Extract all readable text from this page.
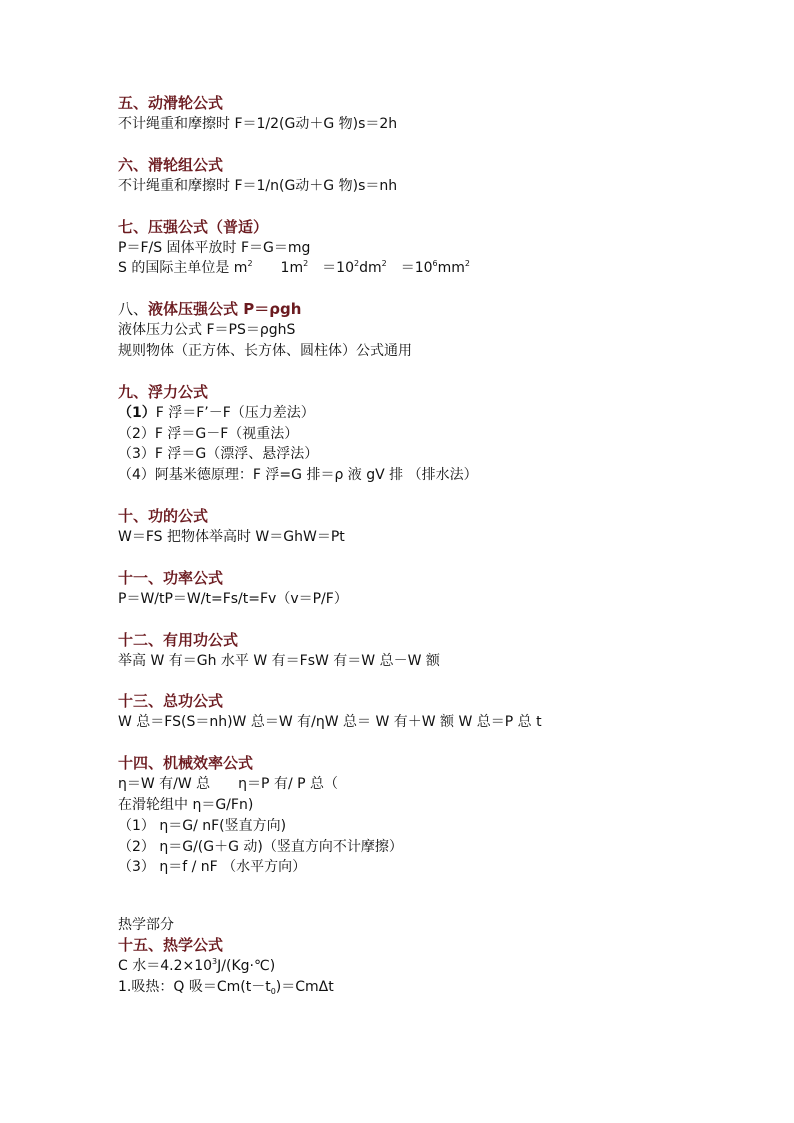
五、动滑轮公式
不计绳重和摩擦时 F＝1/2(G动＋G 物)s＝2h
六、滑轮组公式
不计绳重和摩擦时 F＝1/n(G动＋G 物)s＝nh
七、压强公式（普适）
P＝F/S 固体平放时 F＝G＝mg
S 的国际主单位是 $m^2$　　$1m^2$　$=10^2dm^2$　$=10^6mm^2$
八、液体压强公式 P＝ρgh
液体压力公式 F＝PS＝ρghS
规则物体（正方体、长方体、圆柱体）公式通用
九、浮力公式
（1）F 浮＝F’－F（压力差法）
（2）F 浮＝G－F（视重法）
（3）F 浮＝G（漂浮、悬浮法）
（4）阿基米德原理：F 浮=G 排＝ρ 液 gV 排 （排水法）
十、功的公式
W＝FS 把物体举高时 W＝GhW＝Pt
十一、功率公式
P＝W/tP＝W/t=Fs/t=Fv（v＝P/F）
十二、有用功公式
举高 W 有＝Gh 水平 W 有＝FsW 有＝W 总－W 额
十三、总功公式
W 总＝FS(S＝nh)W 总＝W 有/ηW 总＝ W 有＋W 额 W 总＝P 总 t
十四、机械效率公式
η＝W 有/W 总　　η＝P 有/ P 总（
在滑轮组中 η＝G/Fn)
（1） η＝G/ nF(竖直方向)
（2） η＝G/(G＋G 动)（竖直方向不计摩擦）
（3） η＝f / nF （水平方向）
热学部分
十五、热学公式
C 水$=4.2\times 10^3J/(Kg\cdot℃)$
1.吸热：Q 吸$=Cm(t-t_0)=Cm\Delta t$
